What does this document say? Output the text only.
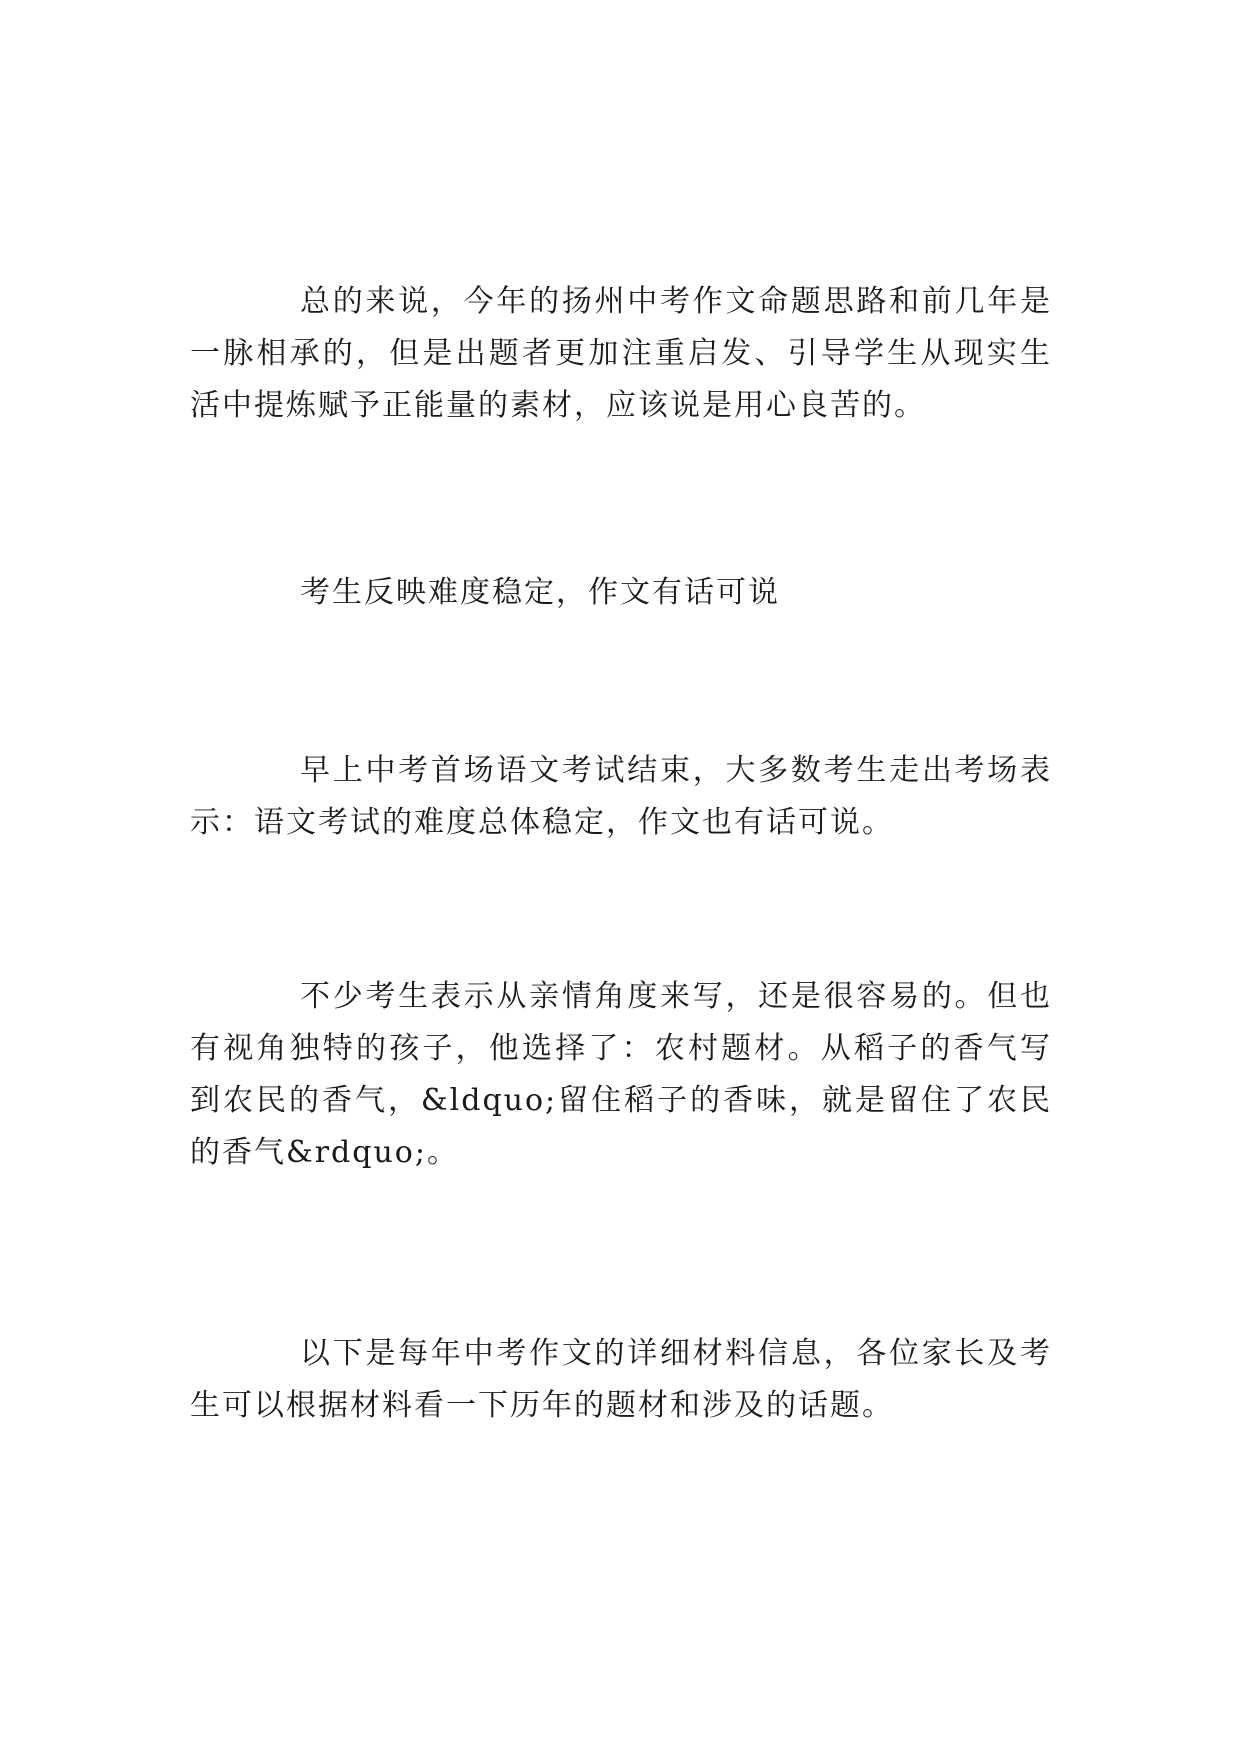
总的来说，今年的扬州中考作文命题思路和前几年是一脉相承的，但是出题者更加注重启发、引导学生从现实生活中提炼赋予正能量的素材，应该说是用心良苦的。

考生反映难度稳定，作文有话可说

早上中考首场语文考试结束，大多数考生走出考场表示：语文考试的难度总体稳定，作文也有话可说。

不少考生表示从亲情角度来写，还是很容易的。但也有视角独特的孩子，他选择了：农村题材。从稻子的香气写到农民的香气，&ldquo;留住稻子的香味，就是留住了农民的香气&rdquo;。

以下是每年中考作文的详细材料信息，各位家长及考生可以根据材料看一下历年的题材和涉及的话题。
